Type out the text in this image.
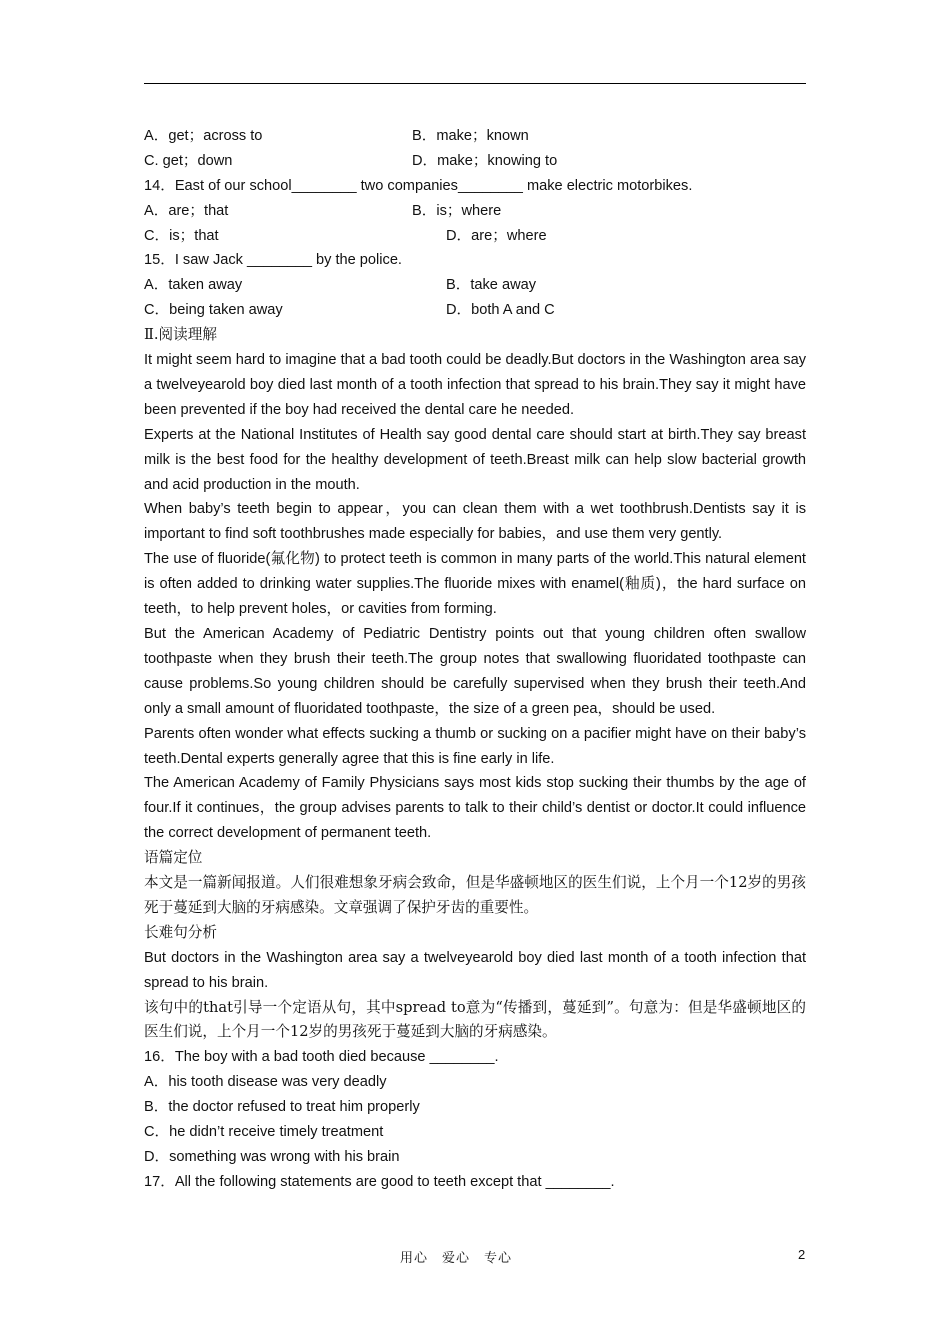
A．get；across to	B．make；known
C. get；down	D．make；knowing to
14．East of our school________ two companies________ make electric motorbikes.
A．are；that	B．is；where
C．is；that	D．are；where
15．I saw Jack ________ by the police.
A．taken away	B．take away
C．being taken away	D．both A and C
Ⅱ.阅读理解
It might seem hard to imagine that a bad tooth could be deadly.But doctors in the Washington area say a twelveyearold boy died last month of a tooth infection that spread to his brain.They say it might have been prevented if the boy had received the dental care he needed.
Experts at the National Institutes of Health say good dental care should start at birth.They say breast milk is the best food for the healthy development of teeth.Breast milk can help slow bacterial growth and acid production in the mouth.
When baby’s teeth begin to appear，you can clean them with a wet toothbrush.Dentists say it is important to find soft toothbrushes made especially for babies，and use them very gently.
The use of fluoride(氟化物) to protect teeth is common in many parts of the world.This natural element is often added to drinking water supplies.The fluoride mixes with enamel(釉质)，the hard surface on teeth，to help prevent holes，or cavities from forming.
But the American Academy of Pediatric Dentistry points out that young children often swallow toothpaste when they brush their teeth.The group notes that swallowing fluoridated toothpaste can cause problems.So young children should be carefully supervised when they brush their teeth.And only a small amount of fluoridated toothpaste，the size of a green pea，should be used.
Parents often wonder what effects sucking a thumb or sucking on a pacifier might have on their baby’s teeth.Dental experts generally agree that this is fine early in life.
The American Academy of Family Physicians says most kids stop sucking their thumbs by the age of four.If it continues，the group advises parents to talk to their child’s dentist or doctor.It could influence the correct development of permanent teeth.
语篇定位
本文是一篇新闻报道。人们很难想象牙病会致命，但是华盛顿地区的医生们说，上个月一个12岁的男孩死于蔓延到大脑的牙病感染。文章强调了保护牙齿的重要性。
长难句分析
But doctors in the Washington area say a twelveyearold boy died last month of a tooth infection that spread to his brain.
该句中的that引导一个定语从句，其中spread to意为“传播到，蔓延到”。句意为：但是华盛顿地区的医生们说，上个月一个12岁的男孩死于蔓延到大脑的牙病感染。
16．The boy with a bad tooth died because ________.
A．his tooth disease was very deadly
B．the doctor refused to treat him properly
C．he didn’t receive timely treatment
D．something was wrong with his brain
17．All the following statements are good to teeth except that ________.
用心　爱心　专心	2
